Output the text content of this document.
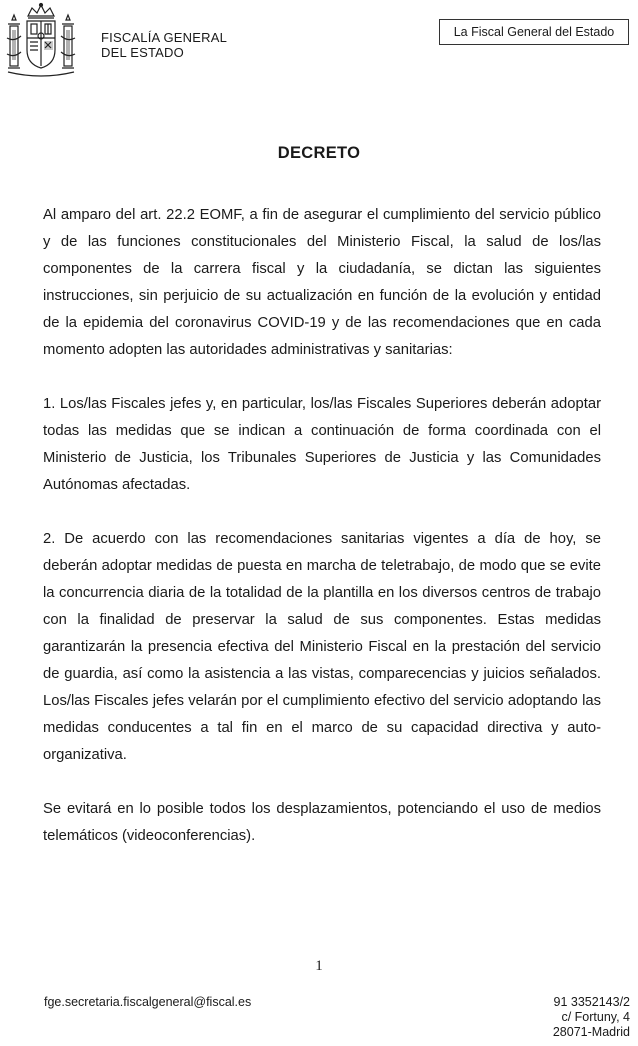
FISCALÍA GENERAL
DEL ESTADO
La Fiscal General del Estado
DECRETO

Al amparo del art. 22.2 EOMF, a fin de asegurar el cumplimiento del servicio público y de las funciones constitucionales del Ministerio Fiscal, la salud de los/las componentes de la carrera fiscal y la ciudadanía, se dictan las siguientes instrucciones, sin perjuicio de su actualización en función de la evolución y entidad de la epidemia del coronavirus COVID-19 y de las recomendaciones que en cada momento adopten las autoridades administrativas y sanitarias:

1. Los/las Fiscales jefes y, en particular, los/las Fiscales Superiores deberán adoptar todas las medidas que se indican a continuación de forma coordinada con el Ministerio de Justicia, los Tribunales Superiores de Justicia y las Comunidades Autónomas afectadas.

2. De acuerdo con las recomendaciones sanitarias vigentes a día de hoy, se deberán adoptar medidas de puesta en marcha de teletrabajo, de modo que se evite la concurrencia diaria de la totalidad de la plantilla en los diversos centros de trabajo con la finalidad de preservar la salud de sus componentes. Estas medidas garantizarán la presencia efectiva del Ministerio Fiscal en la prestación del servicio de guardia, así como la asistencia a las vistas, comparecencias y juicios señalados. Los/las Fiscales jefes velarán por el cumplimiento efectivo del servicio adoptando las medidas conducentes a tal fin en el marco de su capacidad directiva y auto-organizativa.

Se evitará en lo posible todos los desplazamientos, potenciando el uso de medios telemáticos (videoconferencias).

1
fge.secretaria.fiscalgeneral@fiscal.es	91 3352143/2
c/ Fortuny, 4
28071-Madrid
